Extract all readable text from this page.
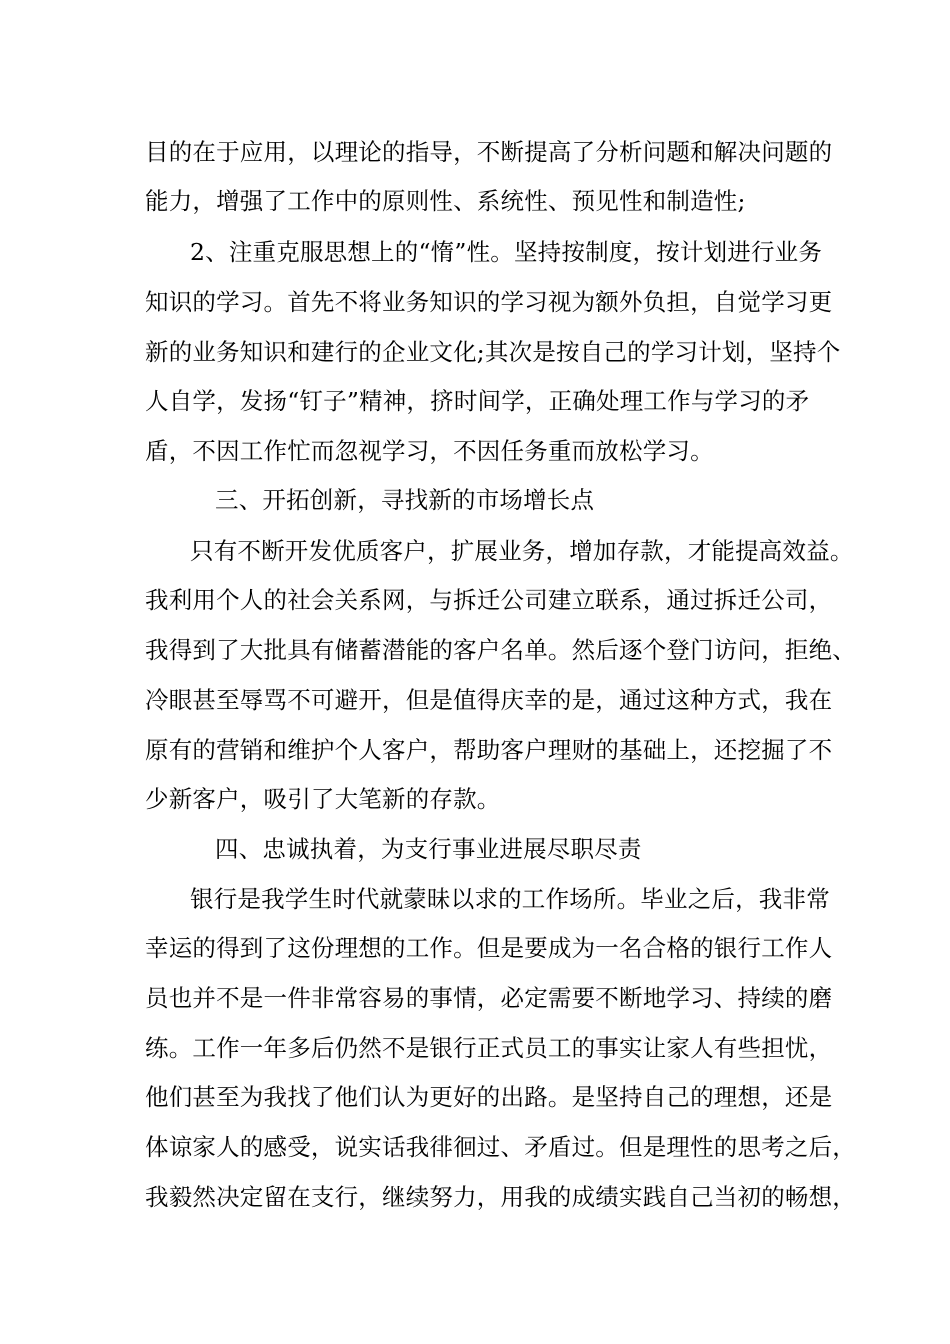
目的在于应用，以理论的指导，不断提高了分析问题和解决问题的
能力，增强了工作中的原则性、系统性、预见性和制造性;
2、注重克服思想上的“惰”性。坚持按制度，按计划进行业务
知识的学习。首先不将业务知识的学习视为额外负担，自觉学习更
新的业务知识和建行的企业文化;其次是按自己的学习计划，坚持个
人自学，发扬“钉子”精神，挤时间学，正确处理工作与学习的矛
盾，不因工作忙而忽视学习，不因任务重而放松学习。
三、开拓创新，寻找新的市场增长点
只有不断开发优质客户，扩展业务，增加存款，才能提高效益。
我利用个人的社会关系网，与拆迁公司建立联系，通过拆迁公司，
我得到了大批具有储蓄潜能的客户名单。然后逐个登门访问，拒绝、
冷眼甚至辱骂不可避开，但是值得庆幸的是，通过这种方式，我在
原有的营销和维护个人客户，帮助客户理财的基础上，还挖掘了不
少新客户，吸引了大笔新的存款。
四、忠诚执着，为支行事业进展尽职尽责
银行是我学生时代就蒙昧以求的工作场所。毕业之后，我非常
幸运的得到了这份理想的工作。但是要成为一名合格的银行工作人
员也并不是一件非常容易的事情，必定需要不断地学习、持续的磨
练。工作一年多后仍然不是银行正式员工的事实让家人有些担忧，
他们甚至为我找了他们认为更好的出路。是坚持自己的理想，还是
体谅家人的感受，说实话我徘徊过、矛盾过。但是理性的思考之后，
我毅然决定留在支行，继续努力，用我的成绩实践自己当初的畅想，
